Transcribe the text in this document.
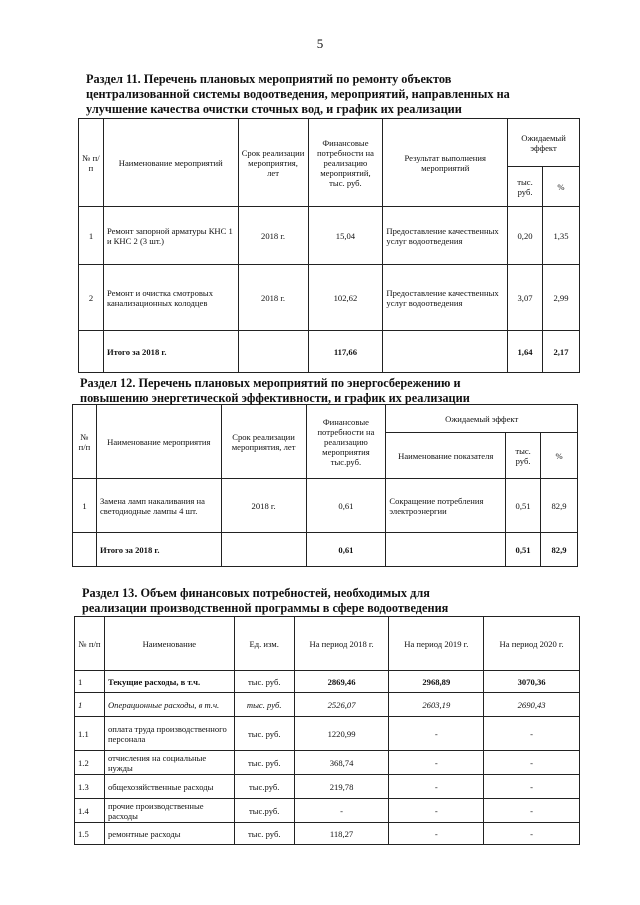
5
Раздел 11. Перечень плановых мероприятий по ремонту объектов
централизованной системы водоотведения, мероприятий, направленных на
улучшение качества очистки сточных вод, и график их реализации
№ п/п	Наименование мероприятий	Срок реализации мероприятия, лет	Финансовые потребности на реализацию мероприятий, тыс. руб.	Результат выполнения мероприятий	Ожидаемый эффект	
					тыс. руб.	%
1	Ремонт запорной арматуры КНС 1 и КНС 2 (3 шт.)	2018 г.	15,04	Предоставление качественных услуг водоотведения	0,20	1,35
2	Ремонт и очистка смотровых канализационных колодцев	2018 г.	102,62	Предоставление качественных услуг водоотведения	3,07	2,99
	Итого за 2018 г.		117,66		1,64	2,17
Раздел 12. Перечень плановых мероприятий по энергосбережению и
повышению энергетической эффективности, и график их реализации
№ п/п	Наименование мероприятия	Срок реализации мероприятия, лет	Финансовые потребности на реализацию мероприятия тыс.руб.	Ожидаемый эффект		
				Наименование показателя	тыс. руб.	%
1	Замена ламп накаливания на светодиодные лампы 4 шт.	2018 г.	0,61	Сокращение потребления электроэнергии	0,51	82,9
	Итого за 2018 г.		0,61		0,51	82,9
Раздел 13. Объем финансовых потребностей, необходимых для
реализации производственной программы в сфере водоотведения
№ п/п	Наименование	Ед. изм.	На период 2018 г.	На период 2019 г.	На период 2020 г.
1	Текущие расходы, в т.ч.	тыс. руб.	2869,46	2968,89	3070,36
1	Операционные расходы, в т.ч.	тыс. руб.	2526,07	2603,19	2690,43
1.1	оплата труда производственного персонала	тыс. руб.	1220,99	-	-
1.2	отчисления на социальные нужды	тыс. руб.	368,74	-	-
1.3	общехозяйственные расходы	тыс.руб.	219,78	-	-
1.4	прочие производственные расходы	тыс.руб.	-	-	-
1.5	ремонтные расходы	тыс. руб.	118,27	-	-
